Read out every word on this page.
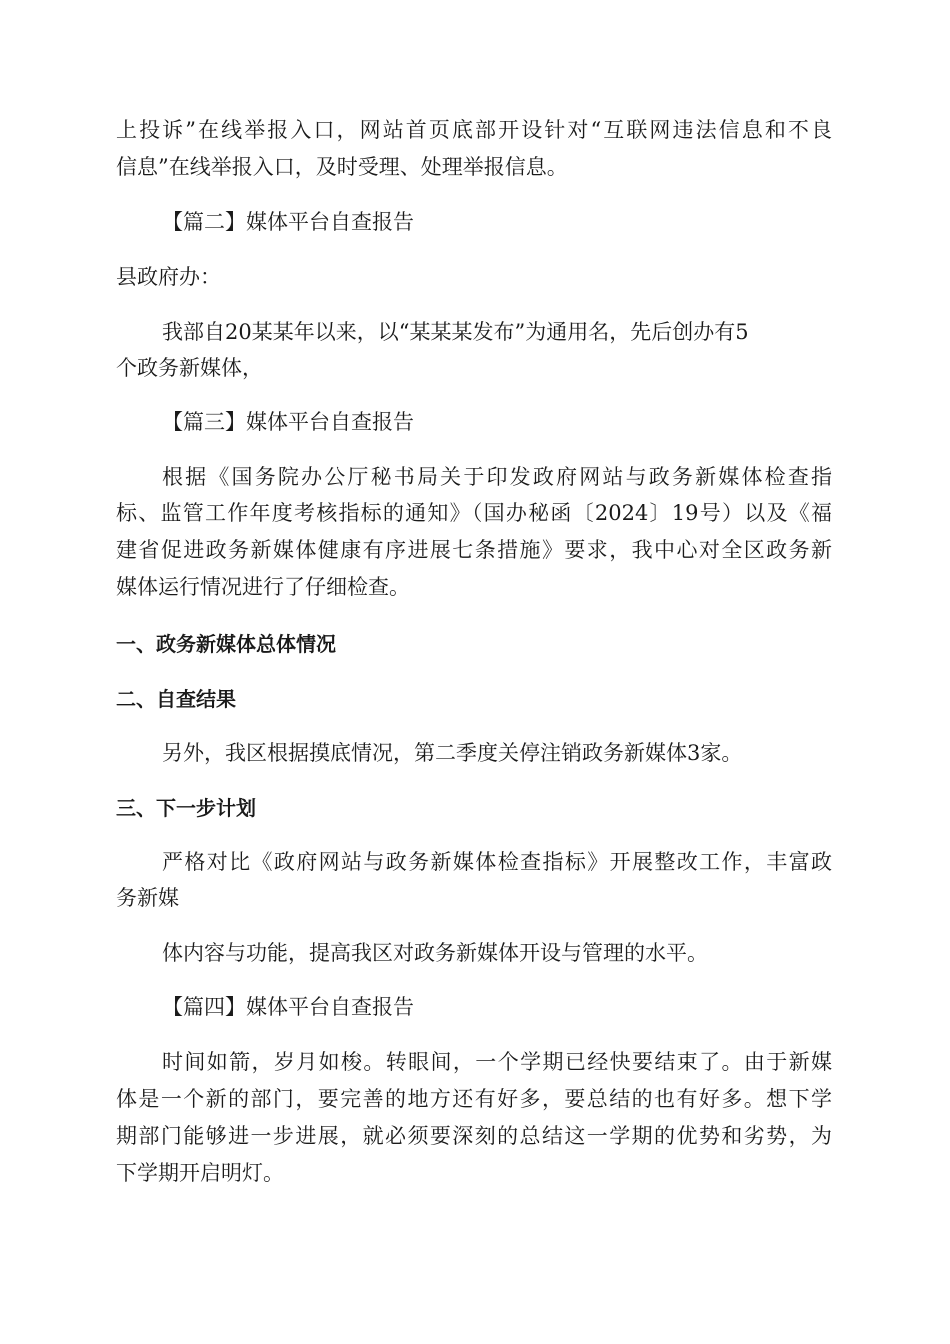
上投诉”在线举报入口，网站首页底部开设针对“互联网违法信息和不良
信息”在线举报入口，及时受理、处理举报信息。
【篇二】媒体平台自查报告
县政府办：
我部自20某某年以来，以“某某某发布”为通用名，先后创办有5
个政务新媒体，
【篇三】媒体平台自查报告
根据《国务院办公厅秘书局关于印发政府网站与政务新媒体检查指
标、监管工作年度考核指标的通知》（国办秘函〔2024〕19号）以及《福
建省促进政务新媒体健康有序进展七条措施》要求，我中心对全区政务新
媒体运行情况进行了仔细检查。
一、政务新媒体总体情况
二、自查结果
另外，我区根据摸底情况，第二季度关停注销政务新媒体3家。
三、下一步计划
严格对比《政府网站与政务新媒体检查指标》开展整改工作，丰富政
务新媒
体内容与功能，提高我区对政务新媒体开设与管理的水平。
【篇四】媒体平台自查报告
时间如箭，岁月如梭。转眼间，一个学期已经快要结束了。由于新媒
体是一个新的部门，要完善的地方还有好多，要总结的也有好多。想下学
期部门能够进一步进展，就必须要深刻的总结这一学期的优势和劣势，为
下学期开启明灯。
